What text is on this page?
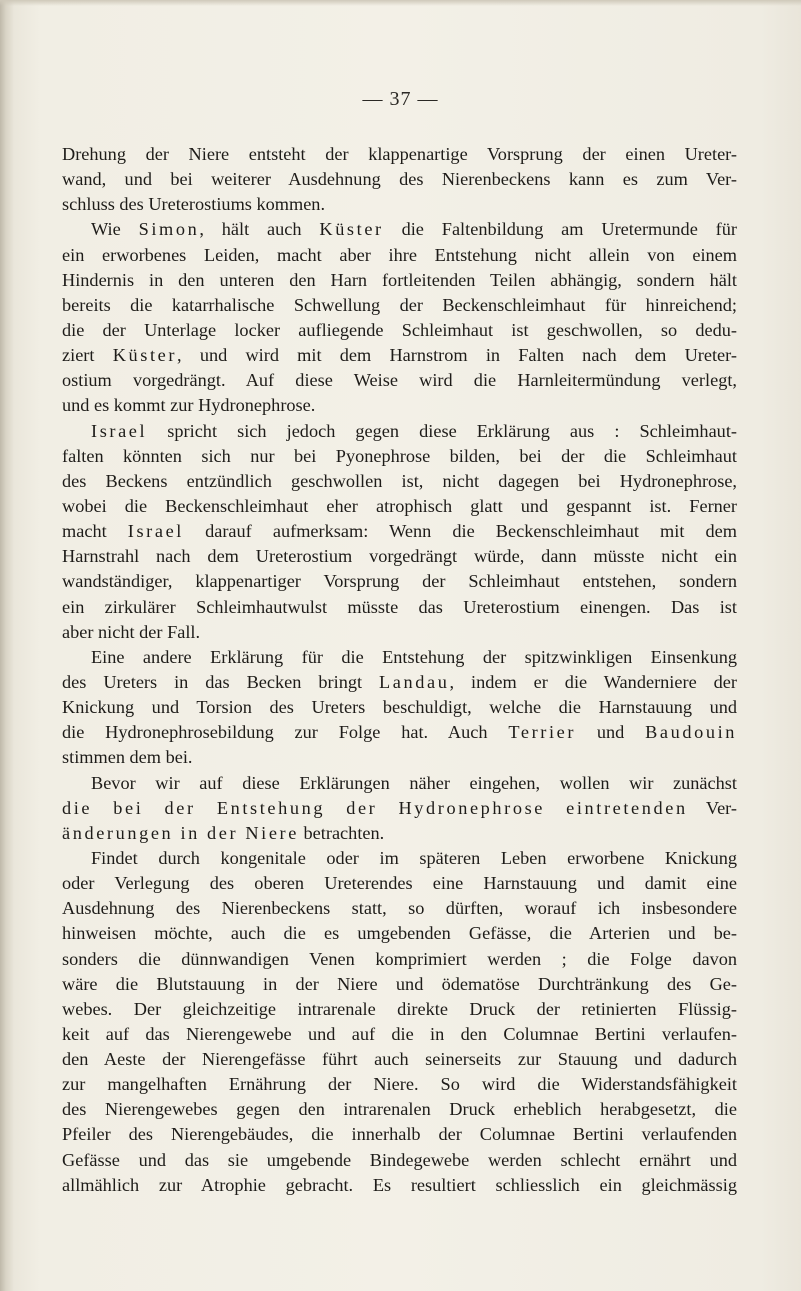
— 37 —
Drehung der Niere entsteht der klappenartige Vorsprung der einen Ureter-
wand, und bei weiterer Ausdehnung des Nierenbeckens kann es zum Ver-
schluss des Ureterostiums kommen.
Wie Simon, hält auch Küster die Faltenbildung am Uretermunde für
ein erworbenes Leiden, macht aber ihre Entstehung nicht allein von einem
Hindernis in den unteren den Harn fortleitenden Teilen abhängig, sondern hält
bereits die katarrhalische Schwellung der Beckenschleimhaut für hinreichend;
die der Unterlage locker aufliegende Schleimhaut ist geschwollen, so dedu-
ziert Küster, und wird mit dem Harnstrom in Falten nach dem Ureter-
ostium vorgedrängt. Auf diese Weise wird die Harnleitermündung verlegt,
und es kommt zur Hydronephrose.
Israel spricht sich jedoch gegen diese Erklärung aus : Schleimhaut-
falten könnten sich nur bei Pyonephrose bilden, bei der die Schleimhaut
des Beckens entzündlich geschwollen ist, nicht dagegen bei Hydronephrose,
wobei die Beckenschleimhaut eher atrophisch glatt und gespannt ist. Ferner
macht Israel darauf aufmerksam: Wenn die Beckenschleimhaut mit dem
Harnstrahl nach dem Ureterostium vorgedrängt würde, dann müsste nicht ein
wandständiger, klappenartiger Vorsprung der Schleimhaut entstehen, sondern
ein zirkulärer Schleimhautwulst müsste das Ureterostium einengen. Das ist
aber nicht der Fall.
Eine andere Erklärung für die Entstehung der spitzwinkligen Einsenkung
des Ureters in das Becken bringt Landau, indem er die Wanderniere der
Knickung und Torsion des Ureters beschuldigt, welche die Harnstauung und
die Hydronephrosebildung zur Folge hat. Auch Terrier und Baudouin
stimmen dem bei.
Bevor wir auf diese Erklärungen näher eingehen, wollen wir zunächst
die bei der Entstehung der Hydronephrose eintretenden Ver-
änderungen in der Niere betrachten.
Findet durch kongenitale oder im späteren Leben erworbene Knickung
oder Verlegung des oberen Ureterendes eine Harnstauung und damit eine
Ausdehnung des Nierenbeckens statt, so dürften, worauf ich insbesondere
hinweisen möchte, auch die es umgebenden Gefässe, die Arterien und be-
sonders die dünnwandigen Venen komprimiert werden ; die Folge davon
wäre die Blutstauung in der Niere und ödematöse Durchtränkung des Ge-
webes. Der gleichzeitige intrarenale direkte Druck der retinierten Flüssig-
keit auf das Nierengewebe und auf die in den Columnae Bertini verlaufen-
den Aeste der Nierengefässe führt auch seinerseits zur Stauung und dadurch
zur mangelhaften Ernährung der Niere. So wird die Widerstandsfähigkeit
des Nierengewebes gegen den intrarenalen Druck erheblich herabgesetzt, die
Pfeiler des Nierengebäudes, die innerhalb der Columnae Bertini verlaufenden
Gefässe und das sie umgebende Bindegewebe werden schlecht ernährt und
allmählich zur Atrophie gebracht. Es resultiert schliesslich ein gleichmässig
